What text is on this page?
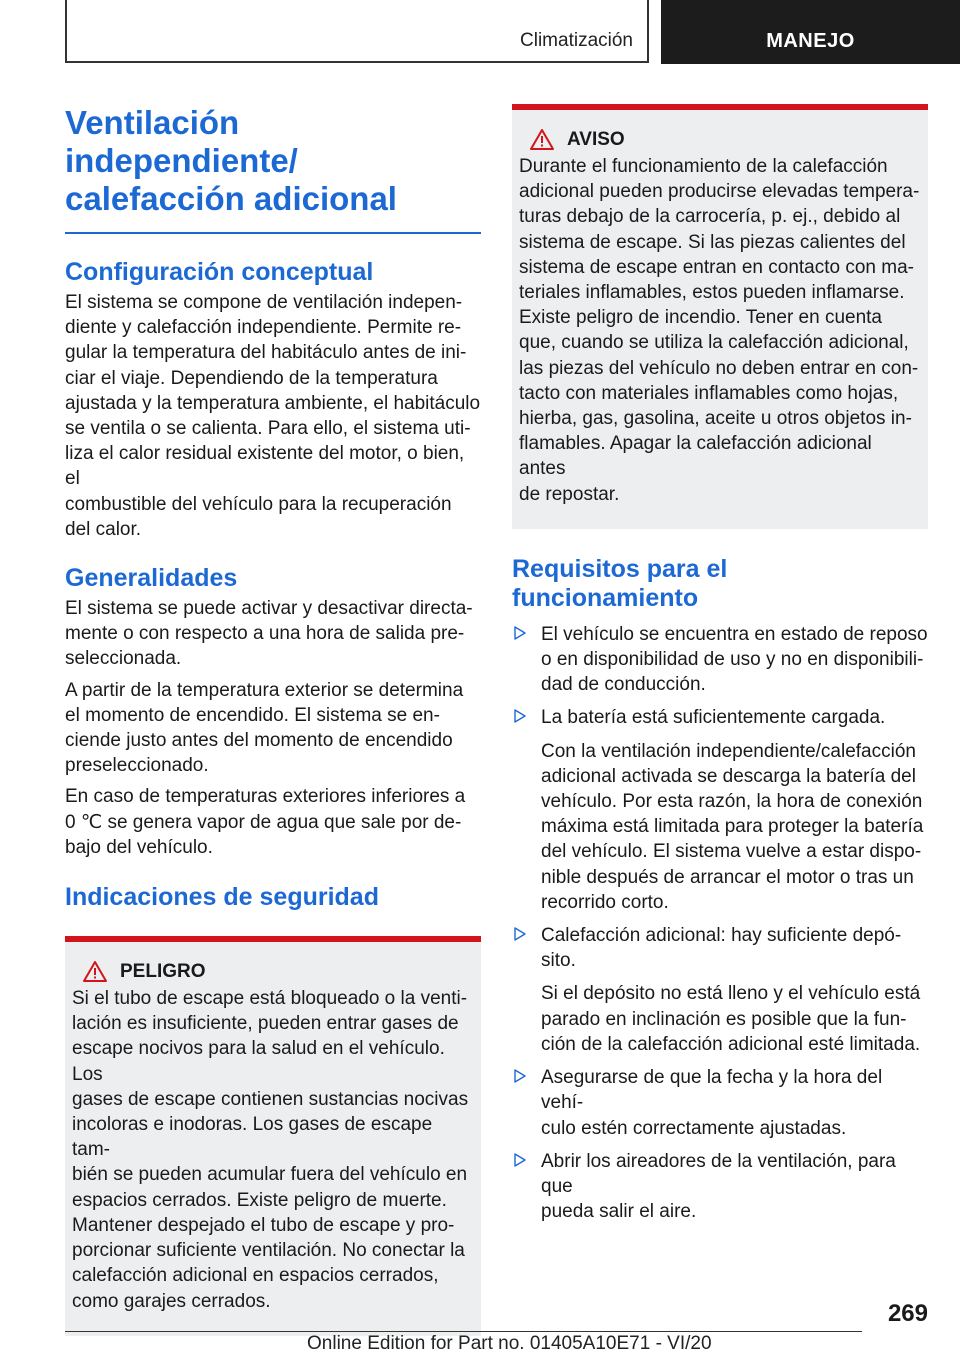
Climatización	MANEJO
Ventilación independiente/
calefacción adicional
Configuración conceptual

El sistema se compone de ventilación indepen-
diente y calefacción independiente. Permite re-
gular la temperatura del habitáculo antes de ini-
ciar el viaje. Dependiendo de la temperatura
ajustada y la temperatura ambiente, el habitáculo
se ventila o se calienta. Para ello, el sistema uti-
liza el calor residual existente del motor, o bien, el
combustible del vehículo para la recuperación
del calor.

Generalidades

El sistema se puede activar y desactivar directa-
mente o con respecto a una hora de salida pre-
seleccionada.

A partir de la temperatura exterior se determina
el momento de encendido. El sistema se en-
ciende justo antes del momento de encendido
preseleccionado.

En caso de temperaturas exteriores inferiores a
0 ℃ se genera vapor de agua que sale por de-
bajo del vehículo.

Indicaciones de seguridad
PELIGRO

Si el tubo de escape está bloqueado o la venti-
lación es insuficiente, pueden entrar gases de
escape nocivos para la salud en el vehículo. Los
gases de escape contienen sustancias nocivas
incoloras e inodoras. Los gases de escape tam-
bién se pueden acumular fuera del vehículo en
espacios cerrados. Existe peligro de muerte.
Mantener despejado el tubo de escape y pro-
porcionar suficiente ventilación. No conectar la
calefacción adicional en espacios cerrados,
como garajes cerrados.

AVISO

Durante el funcionamiento de la calefacción
adicional pueden producirse elevadas tempera-
turas debajo de la carrocería, p. ej., debido al
sistema de escape. Si las piezas calientes del
sistema de escape entran en contacto con ma-
teriales inflamables, estos pueden inflamarse.
Existe peligro de incendio. Tener en cuenta
que, cuando se utiliza la calefacción adicional,
las piezas del vehículo no deben entrar en con-
tacto con materiales inflamables como hojas,
hierba, gas, gasolina, aceite u otros objetos in-
flamables. Apagar la calefacción adicional antes
de repostar.

Requisitos para el
funcionamiento
El vehículo se encuentra en estado de reposo
o en disponibilidad de uso y no en disponibili-
dad de conducción.
La batería está suficientemente cargada.
Con la ventilación independiente/calefacción
adicional activada se descarga la batería del
vehículo. Por esta razón, la hora de conexión
máxima está limitada para proteger la batería
del vehículo. El sistema vuelve a estar dispo-
nible después de arrancar el motor o tras un
recorrido corto.
Calefacción adicional: hay suficiente depó-
sito.
Si el depósito no está lleno y el vehículo está
parado en inclinación es posible que la fun-
ción de la calefacción adicional esté limitada.
Asegurarse de que la fecha y la hora del vehí-
culo estén correctamente ajustadas.
Abrir los aireadores de la ventilación, para que
pueda salir el aire.
269
Online Edition for Part no. 01405A10E71 - VI/20
